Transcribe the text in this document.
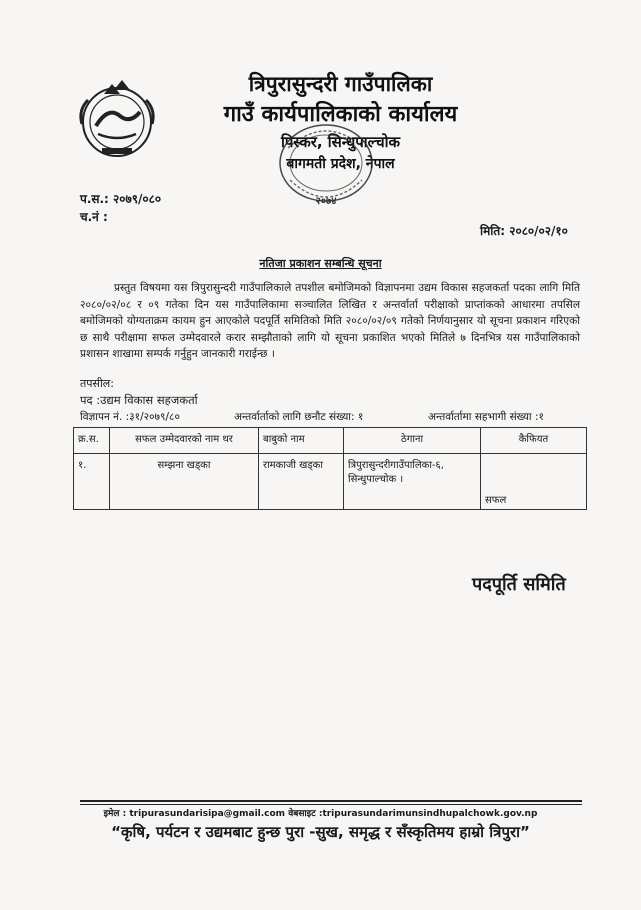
त्रिपुरासुन्दरी गाउँपालिका
गाउँ कार्यपालिकाको कार्यालय
पिस्कर, सिन्धुपाल्चोक
बागमती प्रदेश, नेपाल
२०७४
प.स.: २०७९/०८०
च.नं :
मिति: २०८०/०२/१०
नतिजा प्रकाशन सम्बन्धि सूचना
प्रस्तुत विषयमा यस त्रिपुरासुन्दरी गाउँपालिकाले तपशील बमोजिमको विज्ञापनमा उद्यम विकास सहजकर्ता पदका लागि मिति २०८०/०२/०८ र ०९ गतेका दिन यस गाउँपालिकामा सञ्चालित लिखित र अन्तर्वार्ता परीक्षाको प्राप्तांकको आधारमा तपसिल बमोजिमको योग्यताक्रम कायम हुन आएकोले पदपूर्ति समितिको मिति २०८०/०२/०९ गतेको निर्णयानुसार यो सूचना प्रकाशन गरिएको छ साथै परीक्षामा सफल उम्मेदवारले करार सम्झौताको लागि यो सूचना प्रकाशित भएको मितिले ७ दिनभित्र यस गाउँपालिकाको प्रशासन शाखामा सम्पर्क गर्नुहुन जानकारी गराईन्छ ।
तपसील:
पद :उद्यम विकास सहजकर्ता
विज्ञापन नं. :३१/२०७९/८०	अन्तर्वार्ताको लागि छनौट संख्या: १	अन्तर्वार्तामा सहभागी संख्या :१
क्र.स.	सफल उम्मेदवारको नाम थर	बाबुको नाम	ठेगाना	कैफियत
१.	सम्झना खड्का	रामकाजी खड्का	त्रिपुरासुन्दरीगाउँपालिका-६, सिन्धुपाल्चोक ।	सफल
पदपूर्ति समिति
इमेल : tripurasundarisipa@gmail.com वेबसाइट :tripurasundarimunsindhupalchowk.gov.np
“कृषि, पर्यटन र उद्यमबाट हुन्छ पुरा -सुख, समृद्ध र सँस्कृतिमय हाम्रो त्रिपुरा”
